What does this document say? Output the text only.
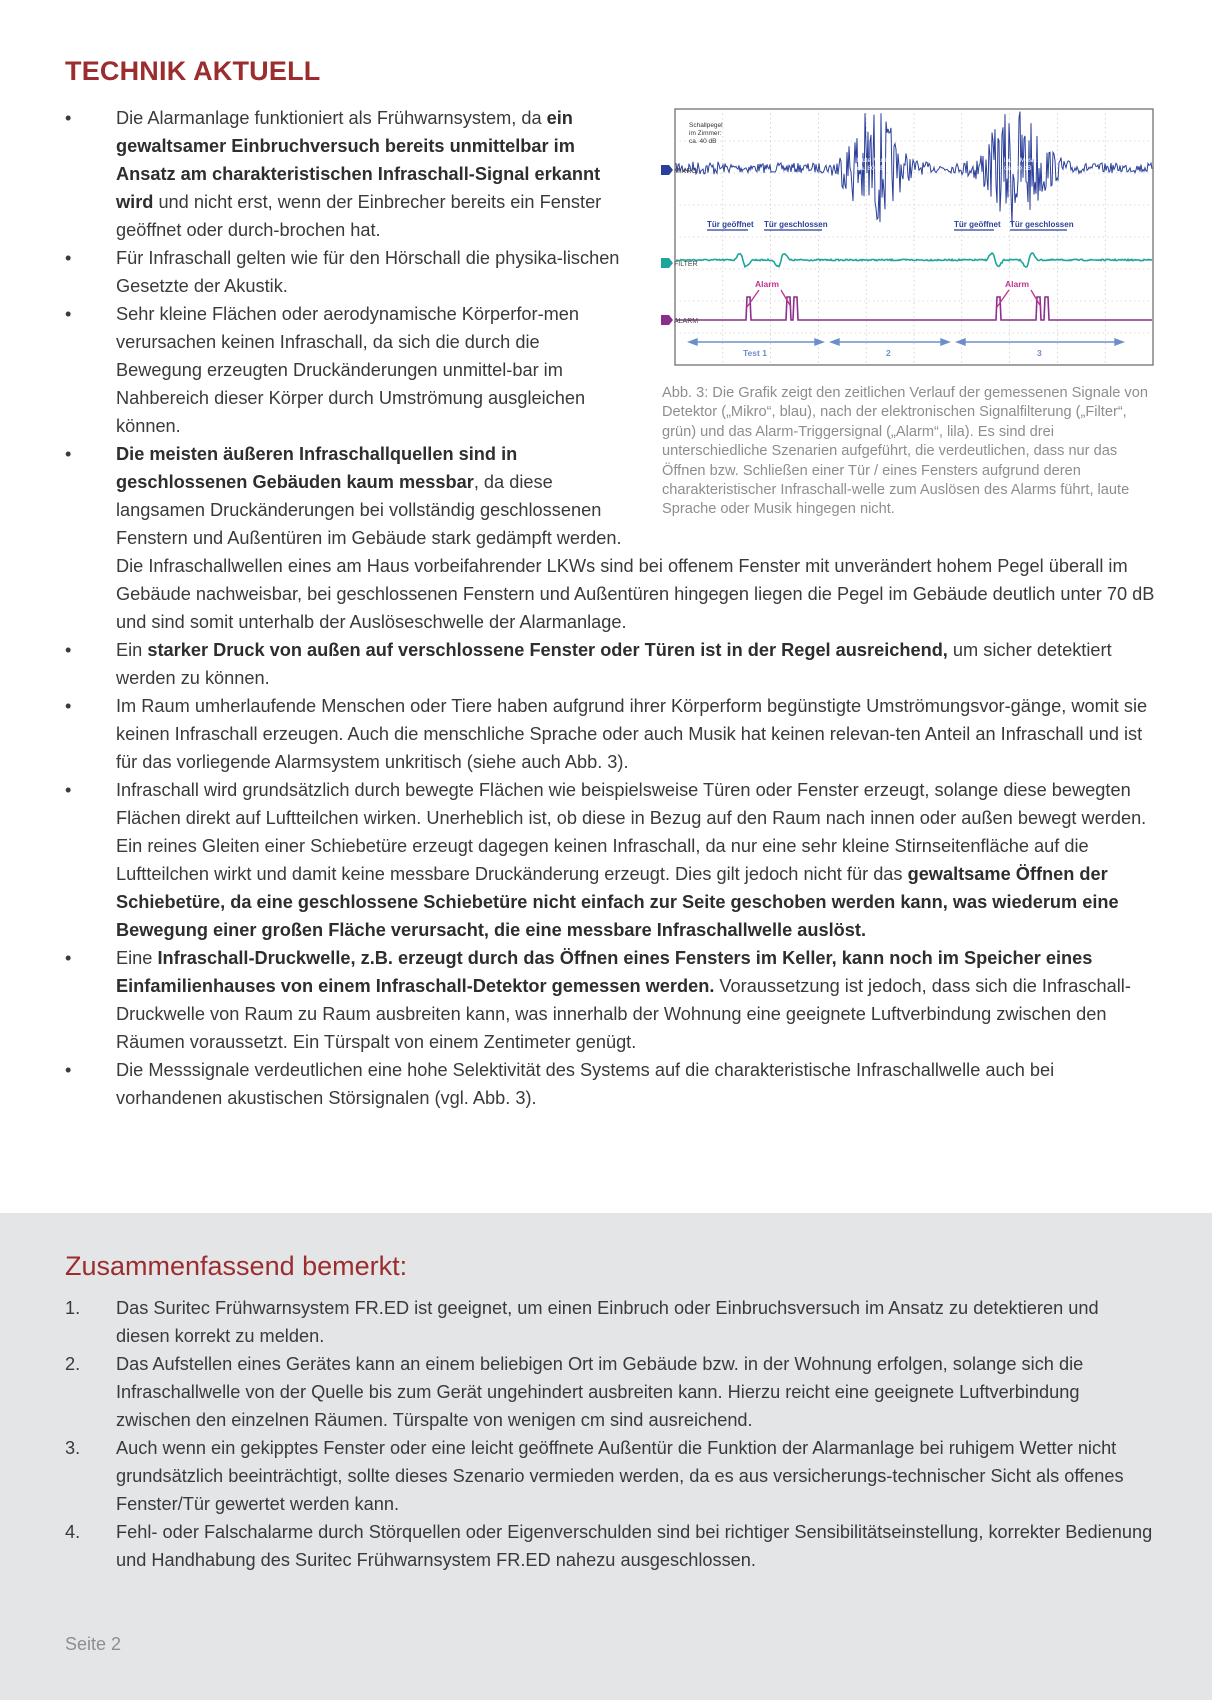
TECHNIK AKTUELL
MIKRO
FILTER
ALARM
Schallpegel
im Zimmer:
ca. 40 dB
laute Musik
ca. 80 dB
laute Musik
ca. 80 dB
Tür geöffnet Tür geschlossen	Tür geöffnet Tür geschlossen
Alarm	Alarm
Test 1	2	3
Abb. 3: Die Grafik zeigt den zeitlichen Verlauf der gemessenen Signale von Detektor („Mikro“, blau), nach der elektronischen Signalfilterung („Filter“, grün) und das Alarm-Triggersignal („Alarm“, lila). Es sind drei unterschiedliche Szenarien aufgeführt, die verdeutlichen, dass nur das Öffnen bzw. Schließen einer Tür / eines Fensters aufgrund deren charakteristischer Infraschall-welle zum Auslösen des Alarms führt, laute Sprache oder Musik hingegen nicht.
• Die Alarmanlage funktioniert als Frühwarnsystem, da ein gewaltsamer Einbruchversuch bereits unmittelbar im Ansatz am charakteristischen Infraschall-Signal erkannt wird und nicht erst, wenn der Einbrecher bereits ein Fenster geöffnet oder durch-brochen hat.
• Für Infraschall gelten wie für den Hörschall die physika-lischen Gesetzte der Akustik.
• Sehr kleine Flächen oder aerodynamische Körperfor-men verursachen keinen Infraschall, da sich die durch die Bewegung erzeugten Druckänderungen unmittel-bar im Nahbereich dieser Körper durch Umströmung ausgleichen können.
• Die meisten äußeren Infraschallquellen sind in geschlossenen Gebäuden kaum messbar, da diese langsamen Druckänderungen bei vollständig geschlossenen Fenstern und Außentüren im Gebäude stark gedämpft werden. Die Infraschallwellen eines am Haus vorbeifahrender LKWs sind bei offenem Fenster mit unverändert hohem Pegel überall im Gebäude nachweisbar, bei geschlossenen Fenstern und Außentüren hingegen liegen die Pegel im Gebäude deutlich unter 70 dB und sind somit unterhalb der Auslöseschwelle der Alarmanlage.
• Ein starker Druck von außen auf verschlossene Fenster oder Türen ist in der Regel ausreichend, um sicher detektiert werden zu können.
• Im Raum umherlaufende Menschen oder Tiere haben aufgrund ihrer Körperform begünstigte Umströmungsvor-gänge, womit sie keinen Infraschall erzeugen. Auch die menschliche Sprache oder auch Musik hat keinen relevan-ten Anteil an Infraschall und ist für das vorliegende Alarmsystem unkritisch (siehe auch Abb. 3).
• Infraschall wird grundsätzlich durch bewegte Flächen wie beispielsweise Türen oder Fenster erzeugt, solange diese bewegten Flächen direkt auf Luftteilchen wirken. Unerheblich ist, ob diese in Bezug auf den Raum nach innen oder außen bewegt werden. Ein reines Gleiten einer Schiebetüre erzeugt dagegen keinen Infraschall, da nur eine sehr kleine Stirnseitenfläche auf die Luftteilchen wirkt und damit keine messbare Druckänderung erzeugt. Dies gilt jedoch nicht für das gewaltsame Öffnen der Schiebetüre, da eine geschlossene Schiebetüre nicht einfach zur Seite geschoben werden kann, was wiederum eine Bewegung einer großen Fläche verursacht, die eine messbare Infraschallwelle auslöst.
• Eine Infraschall-Druckwelle, z.B. erzeugt durch das Öffnen eines Fensters im Keller, kann noch im Speicher eines Einfamilienhauses von einem Infraschall-Detektor gemessen werden. Voraussetzung ist jedoch, dass sich die Infraschall-Druckwelle von Raum zu Raum ausbreiten kann, was innerhalb der Wohnung eine geeignete Luftverbindung zwischen den Räumen voraussetzt. Ein Türspalt von einem Zentimeter genügt.
• Die Messsignale verdeutlichen eine hohe Selektivität des Systems auf die charakteristische Infraschallwelle auch bei vorhandenen akustischen Störsignalen (vgl. Abb. 3).
Zusammenfassend bemerkt:
1. Das Suritec Frühwarnsystem FR.ED ist geeignet, um einen Einbruch oder Einbruchsversuch im Ansatz zu detektieren und diesen korrekt zu melden.
2. Das Aufstellen eines Gerätes kann an einem beliebigen Ort im Gebäude bzw. in der Wohnung erfolgen, solange sich die Infraschallwelle von der Quelle bis zum Gerät ungehindert ausbreiten kann. Hierzu reicht eine geeignete Luftverbindung zwischen den einzelnen Räumen. Türspalte von wenigen cm sind ausreichend.
3. Auch wenn ein gekipptes Fenster oder eine leicht geöffnete Außentür die Funktion der Alarmanlage bei ruhigem Wetter nicht grundsätzlich beeinträchtigt, sollte dieses Szenario vermieden werden, da es aus versicherungs-technischer Sicht als offenes Fenster/Tür gewertet werden kann.
4. Fehl- oder Falschalarme durch Störquellen oder Eigenverschulden sind bei richtiger Sensibilitätseinstellung, korrekter Bedienung und Handhabung des Suritec Frühwarnsystem FR.ED nahezu ausgeschlossen.
Seite 2
